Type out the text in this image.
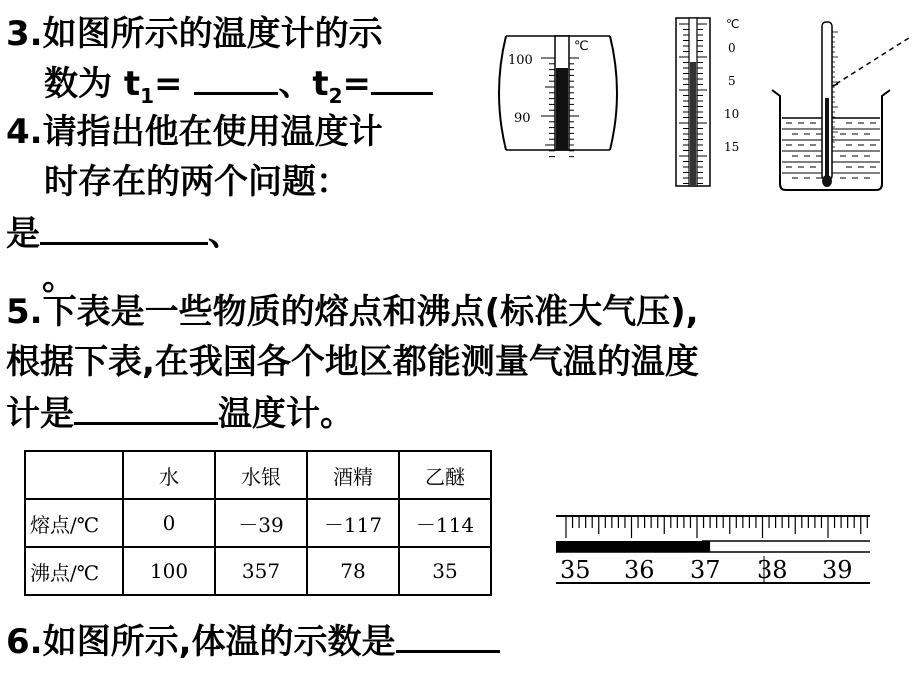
3.如图所示的温度计的示

数为 $t_1=$ 、$t_2=$

4.请指出他在使用温度计

时存在的两个问题：

是	、

。

5.下表是一些物质的熔点和沸点(标准大气压),

根据下表,在我国各个地区都能测量气温的温度

计是	温度计。

	水	水银	酒精	乙醚
熔点/℃	0	－39	－117	－114
沸点/℃	100	357	78	35

6.如图所示,体温的示数是

100
90
℃
℃
0
5
10
15
35 36 37 38 39
